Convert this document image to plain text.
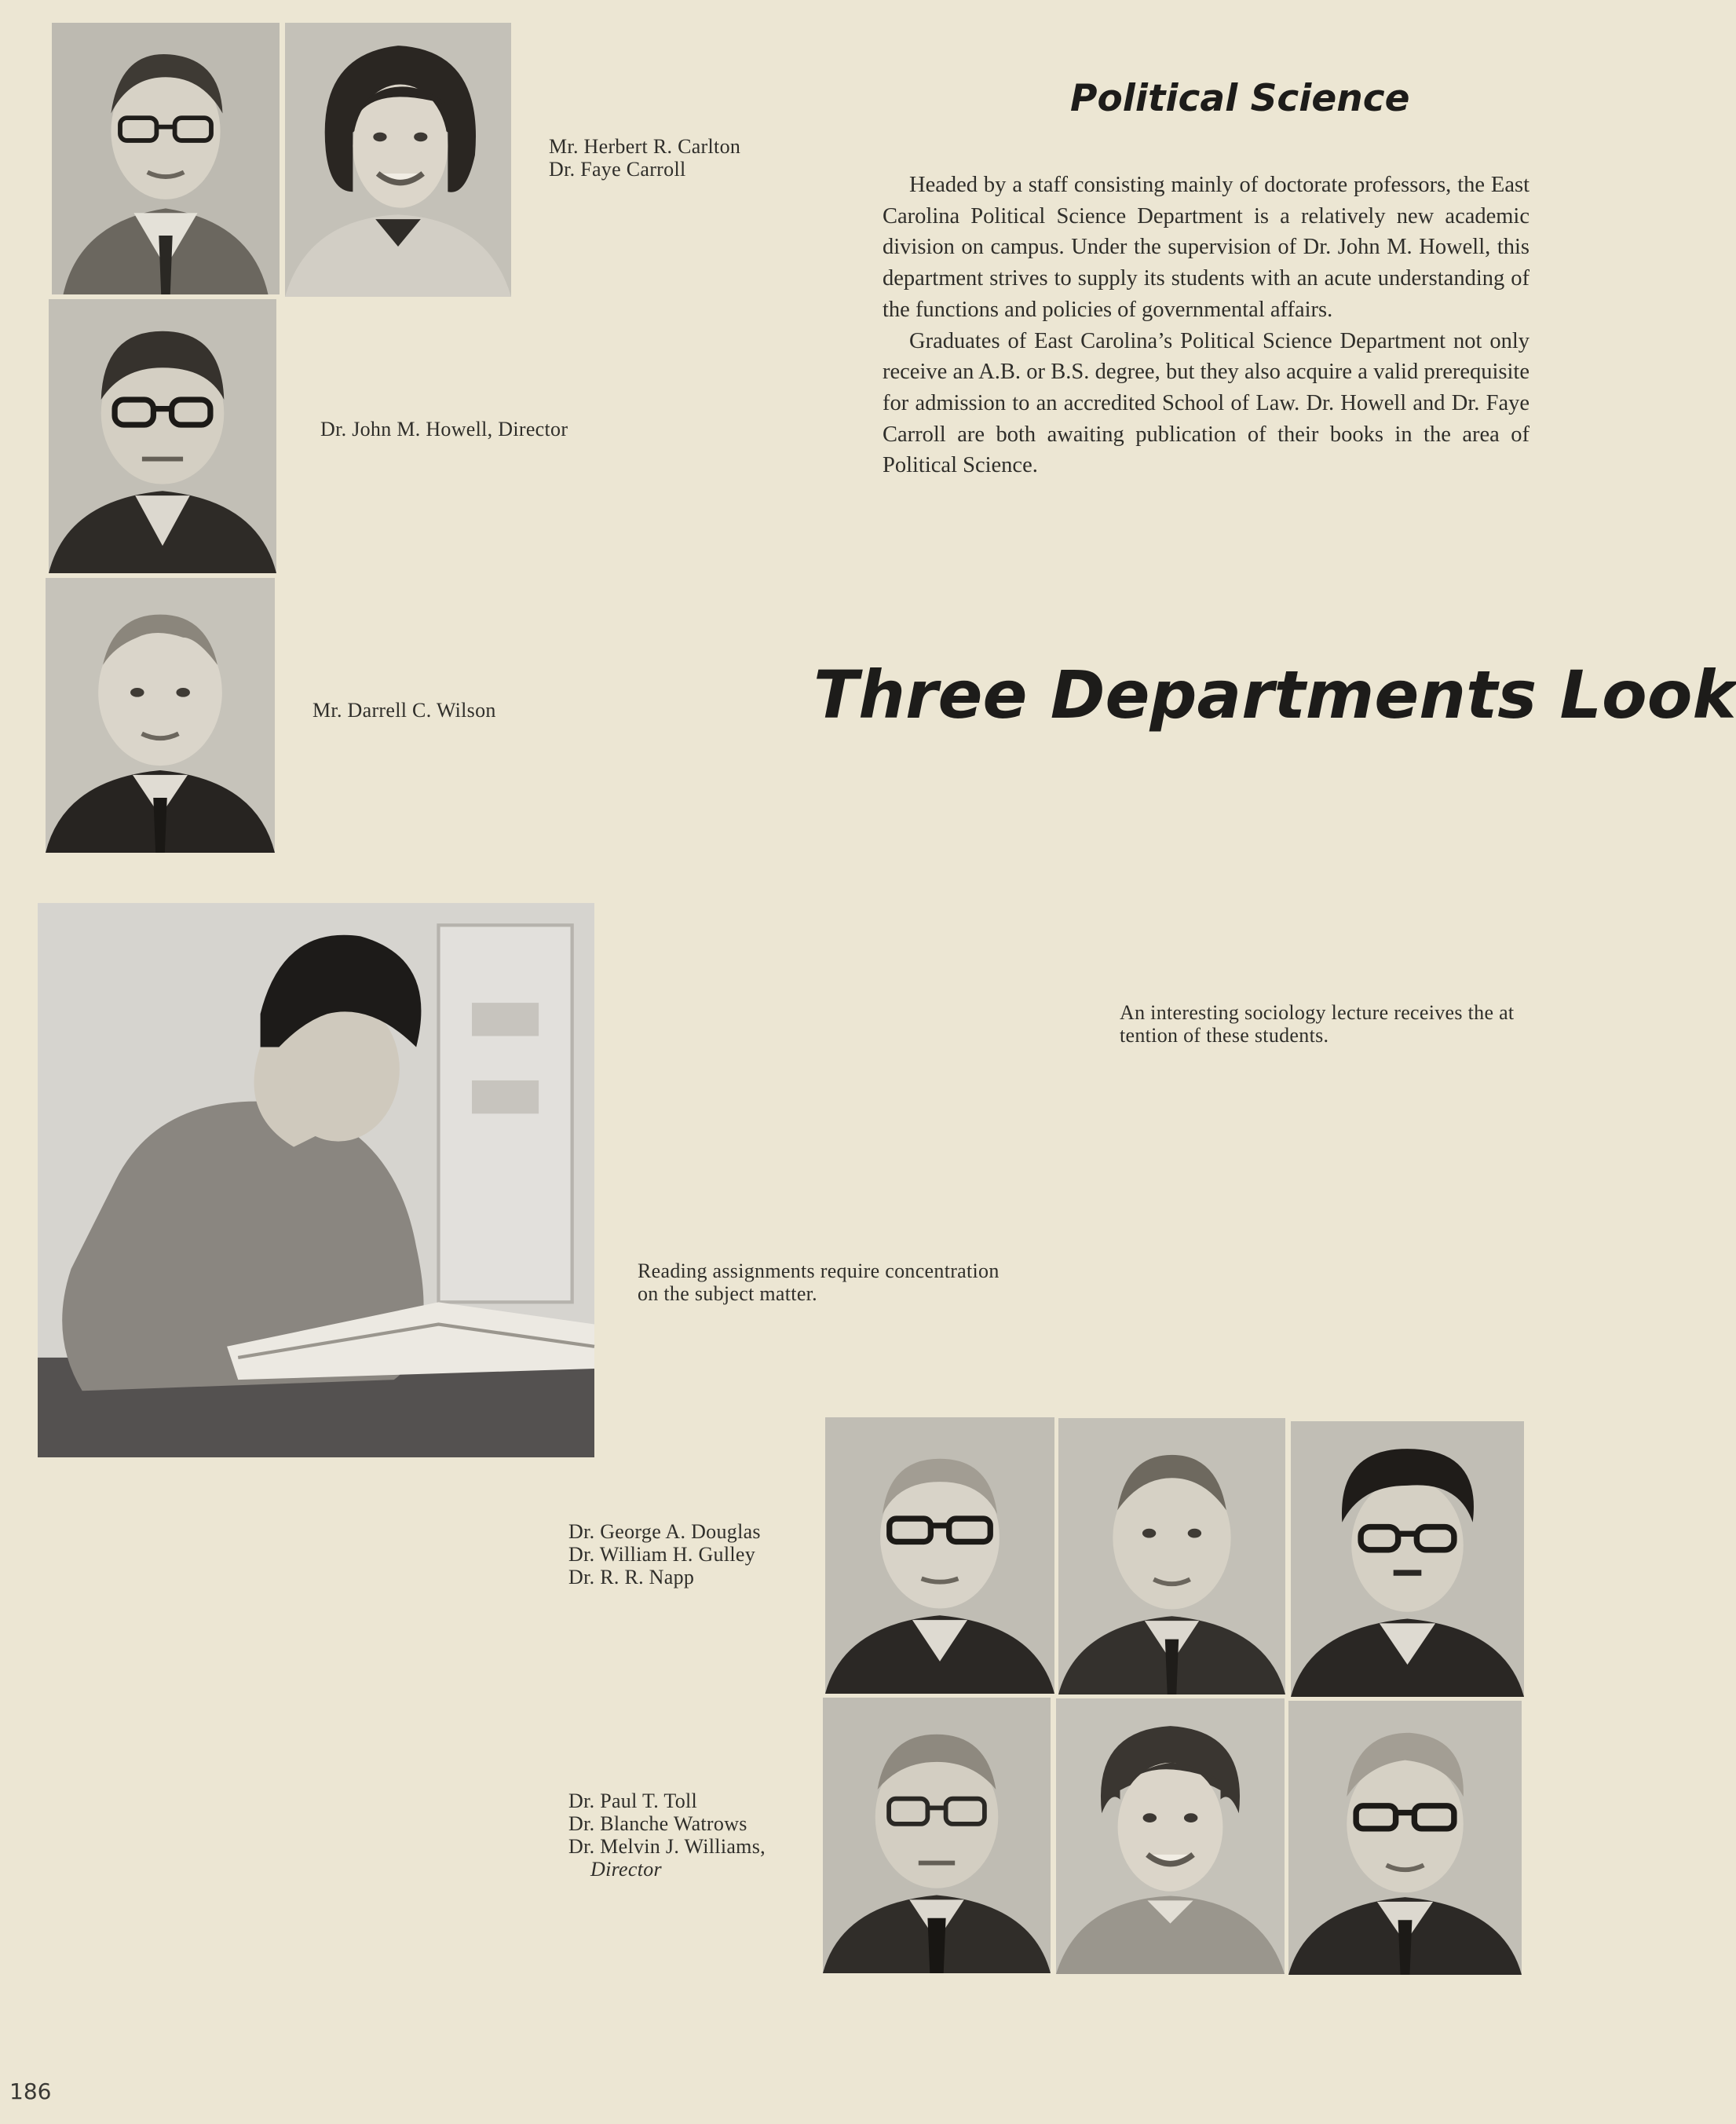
Mr. Herbert R. Carlton
Dr. Faye Carroll
Dr. John M. Howell, Director
Mr. Darrell C. Wilson
Political Science

Headed by a staff consisting mainly of doctorate professors, the East Carolina Political Science Department is a relatively new academic division on campus. Under the supervision of Dr. John M. Howell, this department strives to supply its students with an acute understanding of the functions and policies of governmental affairs.

Graduates of East Carolina’s Political Science Department not only receive an A.B. or B.S. degree, but they also acquire a valid prerequisite for admission to an accredited School of Law. Dr. Howell and Dr. Faye Carroll are both awaiting publication of their books in the area of Political Science.

Three Departments Look
Reading assignments require concentration
on the subject matter.
An interesting sociology lecture receives the at
tention of these students.
Dr. George A. Douglas
Dr. William H. Gulley
Dr. R. R. Napp
Dr. Paul T. Toll
Dr. Blanche Watrows
Dr. Melvin J. Williams,
Director
186
